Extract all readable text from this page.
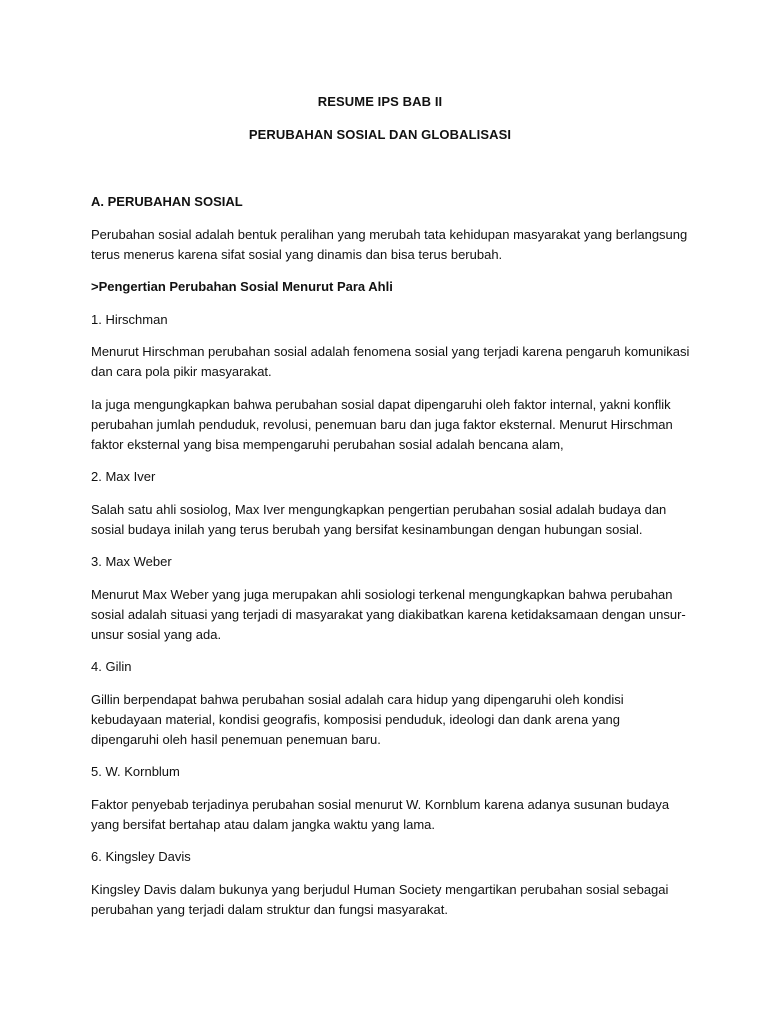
RESUME IPS BAB II
PERUBAHAN SOSIAL DAN GLOBALISASI

A. PERUBAHAN SOSIAL

Perubahan sosial adalah bentuk peralihan yang merubah tata kehidupan masyarakat yang berlangsung terus menerus karena sifat sosial yang dinamis dan bisa terus berubah.

>Pengertian Perubahan Sosial Menurut Para Ahli

1. Hirschman

Menurut Hirschman perubahan sosial adalah fenomena sosial yang terjadi karena pengaruh komunikasi dan cara pola pikir masyarakat.

Ia juga mengungkapkan bahwa perubahan sosial dapat dipengaruhi oleh faktor internal, yakni konflik perubahan jumlah penduduk, revolusi, penemuan baru dan juga faktor eksternal. Menurut Hirschman faktor eksternal yang bisa mempengaruhi perubahan sosial adalah bencana alam,

2. Max Iver

Salah satu ahli sosiolog, Max Iver mengungkapkan pengertian perubahan sosial adalah budaya dan sosial budaya inilah yang terus berubah yang bersifat kesinambungan dengan hubungan sosial.

3. Max Weber

Menurut Max Weber yang juga merupakan ahli sosiologi terkenal mengungkapkan bahwa perubahan sosial adalah situasi yang terjadi di masyarakat yang diakibatkan karena ketidaksamaan dengan unsur-unsur sosial yang ada.

4. Gilin

Gillin berpendapat bahwa perubahan sosial adalah cara hidup yang dipengaruhi oleh kondisi kebudayaan material, kondisi geografis, komposisi penduduk, ideologi dan dank arena yang dipengaruhi oleh hasil penemuan penemuan baru.

5. W. Kornblum

Faktor penyebab terjadinya perubahan sosial menurut W. Kornblum karena adanya susunan budaya yang bersifat bertahap atau dalam jangka waktu yang lama.

6. Kingsley Davis

Kingsley Davis dalam bukunya yang berjudul Human Society mengartikan perubahan sosial sebagai perubahan yang terjadi dalam struktur dan fungsi masyarakat.
